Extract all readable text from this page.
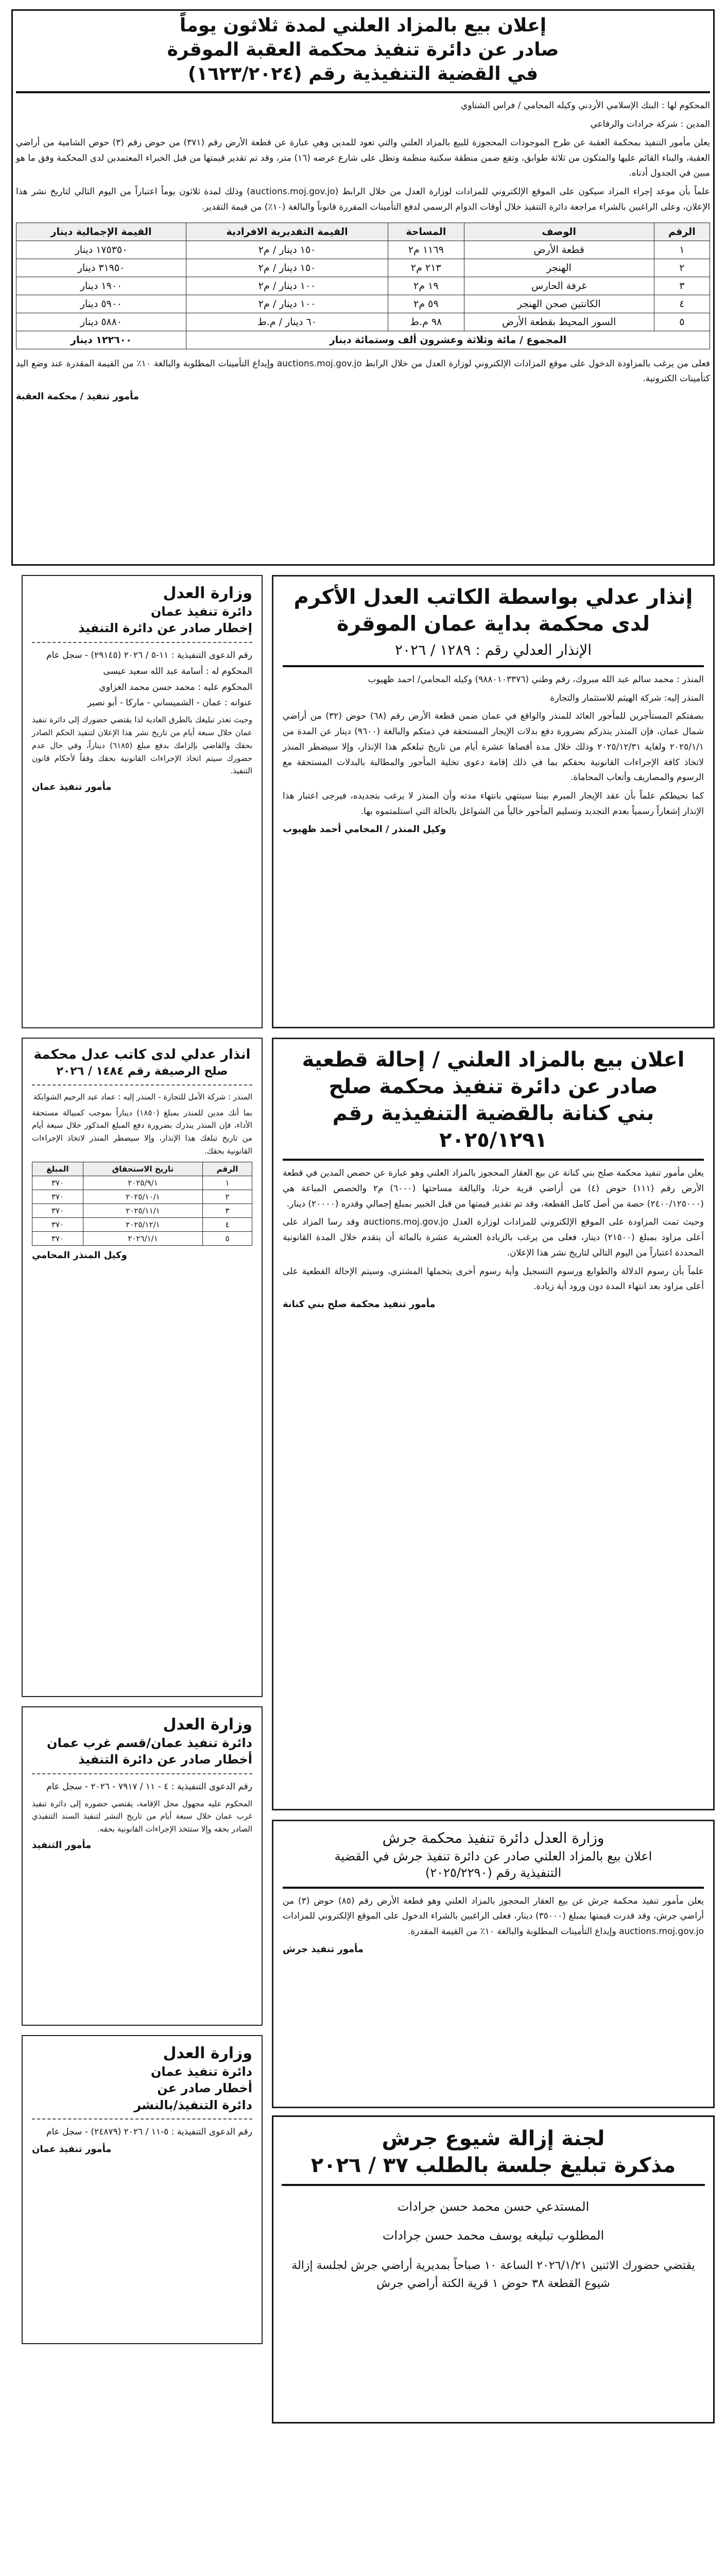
إعلان بيع بالمزاد العلني لمدة ثلاثون يوماً
صادر عن دائرة تنفيذ محكمة العقبة الموقرة
في القضية التنفيذية رقم (١٦٢٣/٢٠٢٤)

المحكوم لها : البنك الإسلامي الأردني وكيله المحامي / فراس الشناوي

المدين : شركة جرادات والرفاعي

يعلن مأمور التنفيذ بمحكمة العقبة عن طرح الموجودات المحجوزة للبيع بالمزاد العلني والتي تعود للمدين وهي عبارة عن قطعة الأرض رقم (٣٧١) من حوض رقم (٣) حوض الشامية من أراضي العقبة، والبناء القائم عليها والمتكون من ثلاثة طوابق، وتقع ضمن منطقة سكنية منظمة وتطل على شارع عرضه (١٦) متر، وقد تم تقدير قيمتها من قبل الخبراء المعتمدين لدى المحكمة وفق ما هو مبين في الجدول أدناه.

علماً بأن موعد إجراء المزاد سيكون على الموقع الإلكتروني للمزادات لوزارة العدل من خلال الرابط (auctions.moj.gov.jo) وذلك لمدة ثلاثون يوماً اعتباراً من اليوم التالي لتاريخ نشر هذا الإعلان، وعلى الراغبين بالشراء مراجعة دائرة التنفيذ خلال أوقات الدوام الرسمي لدفع التأمينات المقررة قانوناً والبالغة (١٠٪) من قيمة التقدير.

الرقم	الوصف	المساحة	القيمة التقديرية الافرادية	القيمة الإجمالية دينار
١	قطعة الأرض	١١٦٩ م٢	١٥٠ دينار / م٢	١٧٥٣٥٠ دينار
٢	الهنجر	٢١٣ م٢	١٥٠ دينار / م٢	٣١٩٥٠ دينار
٣	غرفة الحارس	١٩ م٢	١٠٠ دينار / م٢	١٩٠٠ دينار
٤	الكانتين صحن الهنجر	٥٩ م٢	١٠٠ دينار / م٢	٥٩٠٠ دينار
٥	السور المحيط بقطعة الأرض	٩٨ م.ط	٦٠ دينار / م.ط	٥٨٨٠ دينار
المجموع / مائة وثلاثة وعشرون ألف وستمائة دينار				١٢٢٦٠٠ دينار

فعلى من يرغب بالمزاودة الدخول على موقع المزادات الإلكتروني لوزارة العدل من خلال الرابط auctions.moj.gov.jo وإيداع التأمينات المطلوبة والبالغة ١٠٪ من القيمة المقدرة عند وضع اليد كتأمينات الكترونية.

مأمور تنفيذ / محكمة العقبة
إنذار عدلي بواسطة الكاتب العدل الأكرم
لدى محكمة بداية عمان الموقرة
الإنذار العدلي رقم : ١٢٨٩ / ٢٠٢٦

المنذر : محمد سالم عبد الله مبروك، رقم وطني (٩٨٨٠١٠٣٣٧٦) وكيله المحامي/ احمد ظهيوب

المنذر إليه: شركة الهيثم للاستثمار والتجارة

بصفتكم المستأجرين للمأجور العائد للمنذر والواقع في عمان ضمن قطعة الأرض رقم (٦٨) حوض (٣٢) من أراضي شمال عمان، فإن المنذر ينذركم بضرورة دفع بدلات الإيجار المستحقة في ذمتكم والبالغة (٩٦٠٠) دينار عن المدة من ٢٠٢٥/١/١ ولغاية ٢٠٢٥/١٢/٣١ وذلك خلال مدة أقصاها عشرة أيام من تاريخ تبلغكم هذا الإنذار، وإلا سيضطر المنذر لاتخاذ كافة الإجراءات القانونية بحقكم بما في ذلك إقامة دعوى تخلية المأجور والمطالبة بالبدلات المستحقة مع الرسوم والمصاريف وأتعاب المحاماة.

كما نحيطكم علماً بأن عقد الإيجار المبرم بيننا سينتهي بانتهاء مدته وأن المنذر لا يرغب بتجديده، فيرجى اعتبار هذا الإنذار إشعاراً رسمياً بعدم التجديد وتسليم المأجور خالياً من الشواغل بالحالة التي استلمتموه بها.

وكيل المنذر / المحامي أحمد ظهيوب
اعلان بيع بالمزاد العلني / إحالة قطعية
صادر عن دائرة تنفيذ محكمة صلح
بني كنانة بالقضية التنفيذية رقم
٢٠٢٥/١٢٩١

يعلن مأمور تنفيذ محكمة صلح بني كنانة عن بيع العقار المحجوز بالمزاد العلني وهو عبارة عن حصص المدين في قطعة الأرض رقم (١١١) حوض (٤) من أراضي قرية حرثا، والبالغة مساحتها (٦٠٠٠) م٢ والحصص المباعة هي (٢٤٠٠/١٢٥٠٠٠) حصة من أصل كامل القطعة، وقد تم تقدير قيمتها من قبل الخبير بمبلغ إجمالي وقدره (٢٠٠٠٠) دينار.

وحيث تمت المزاودة على الموقع الإلكتروني للمزادات لوزارة العدل auctions.moj.gov.jo وقد رسا المزاد على أعلى مزاود بمبلغ (٢١٥٠٠) دينار، فعلى من يرغب بالزيادة العشرية عشرة بالمائة أن يتقدم خلال المدة القانونية المحددة اعتباراً من اليوم التالي لتاريخ نشر هذا الإعلان.

علماً بأن رسوم الدلالة والطوابع ورسوم التسجيل وأية رسوم أخرى يتحملها المشتري، وسيتم الإحالة القطعية على أعلى مزاود بعد انتهاء المدة دون ورود أية زيادة.

مأمور تنفيذ محكمة صلح بني كنانة
وزارة العدل دائرة تنفيذ محكمة جرش
اعلان بيع بالمزاد العلني صادر عن دائرة تنفيذ جرش في القضية
التنفيذية رقم (٢٠٢٥/٢٢٩٠)

يعلن مأمور تنفيذ محكمة جرش عن بيع العقار المحجوز بالمزاد العلني وهو قطعة الأرض رقم (٨٥) حوض (٣) من أراضي جرش، وقد قدرت قيمتها بمبلغ (٣٥٠٠٠) دينار، فعلى الراغبين بالشراء الدخول على الموقع الإلكتروني للمزادات auctions.moj.gov.jo وإيداع التأمينات المطلوبة والبالغة ١٠٪ من القيمة المقدرة.

مأمور تنفيذ جرش
لجنة إزالة شيوع جرش
مذكرة تبليغ جلسة بالطلب ٣٧ / ٢٠٢٦

المستدعي حسن محمد حسن جرادات

المطلوب تبليغه يوسف محمد حسن جرادات

يقتضي حضورك الاثنين ٢٠٢٦/١/٢١ الساعة ١٠ صباحاً بمديرية أراضي جرش لجلسة إزالة شيوع القطعة ٣٨ حوض ١ قرية الكتة أراضي جرش

وزارة العدل
دائرة تنفيذ عمان
إخطار صادر عن دائرة التنفيذ

رقم الدعوى التنفيذية : ١١-٥ / ٢٠٢٦ (٢٩١٤٥) - سجل عام

المحكوم له : أسامة عبد الله سعيد عيسى

المحكوم عليه : محمد حسن محمد الغزاوي

عنوانه : عمان - الشميساني - ماركا - أبو نصير

وحيث تعذر تبليغك بالطرق العادية لذا يقتضي حضورك إلى دائرة تنفيذ عمان خلال سبعة أيام من تاريخ نشر هذا الإعلان لتنفيذ الحكم الصادر بحقك والقاضي بإلزامك بدفع مبلغ (٦١٨٥) ديناراً، وفي حال عدم حضورك سيتم اتخاذ الإجراءات القانونية بحقك وفقاً لأحكام قانون التنفيذ.

مأمور تنفيذ عمان
انذار عدلي لدى كاتب عدل محكمة
صلح الرصيفة رقم ١٤٨٤ / ٢٠٢٦

المنذر : شركة الأمل للتجارة - المنذر إليه : عماد عبد الرحيم الشوابكة

بما أنك مدين للمنذر بمبلغ (١٨٥٠) ديناراً بموجب كمبيالة مستحقة الأداء، فإن المنذر ينذرك بضرورة دفع المبلغ المذكور خلال سبعة أيام من تاريخ تبلغك هذا الإنذار، وإلا سيضطر المنذر لاتخاذ الإجراءات القانونية بحقك.

الرقم	تاريخ الاستحقاق	المبلغ
١	٢٠٢٥/٩/١	٣٧٠
٢	٢٠٢٥/١٠/١	٣٧٠
٣	٢٠٢٥/١١/١	٣٧٠
٤	٢٠٢٥/١٢/١	٣٧٠
٥	٢٠٢٦/١/١	٣٧٠
وكيل المنذر المحامي
وزارة العدل
دائرة تنفيذ عمان/قسم غرب عمان
أخطار صادر عن دائرة التنفيذ

رقم الدعوى التنفيذية : ٤ - ١١ / ٧٩١٧ - ٢٠٢٦ - سجل عام

المحكوم عليه مجهول محل الإقامة، يقتضي حضوره إلى دائرة تنفيذ غرب عمان خلال سبعة أيام من تاريخ النشر لتنفيذ السند التنفيذي الصادر بحقه وإلا ستتخذ الإجراءات القانونية بحقه.

مأمور التنفيذ
وزارة العدل
دائرة تنفيذ عمان
أخطار صادر عن
دائرة التنفيذ/بالنشر

رقم الدعوى التنفيذية : ٥-١١ / ٢٠٢٦ (٢٤٨٧٩) - سجل عام

مأمور تنفيذ عمان
